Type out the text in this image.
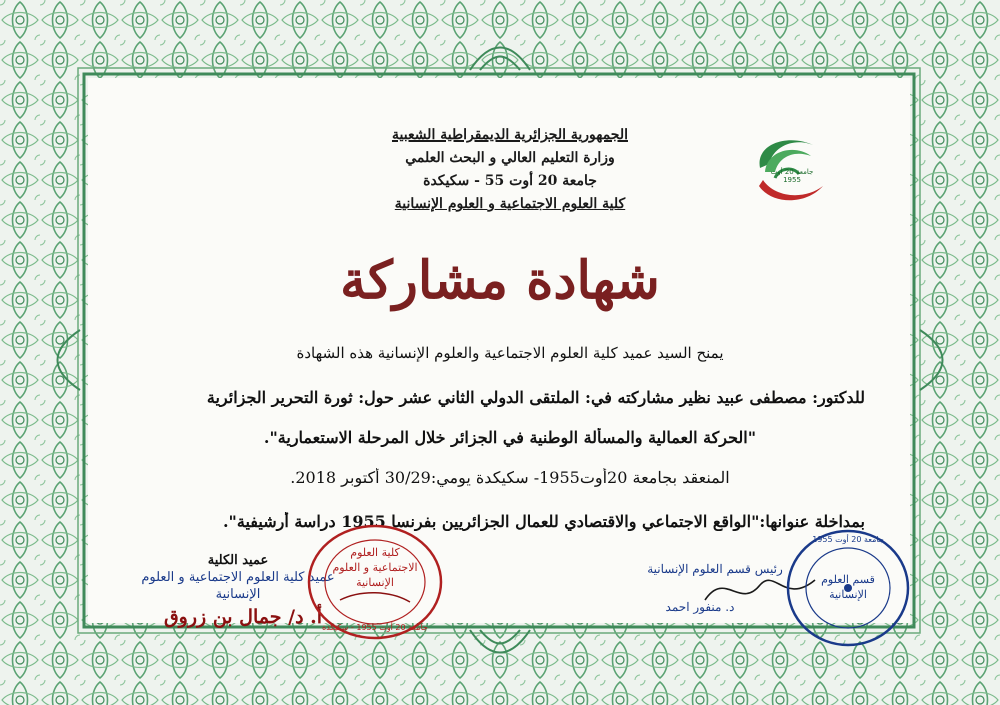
جامعة 20 أوت 1955
الجمهورية الجزائرية الديمقراطية الشعبية
وزارة التعليم العالي و البحث العلمي
جامعة 20 أوت 55 - سكيكدة
كلية العلوم الاجتماعية و العلوم الإنسانية
شهادة مشاركة
يمنح السيد عميد كلية العلوم الاجتماعية والعلوم الإنسانية هذه الشهادة
للدكتور: مصطفى عبيد نظير مشاركته في: الملتقى الدولي الثاني عشر حول: ثورة التحرير الجزائرية
"الحركة العمالية والمسألة الوطنية في الجزائر خلال المرحلة الاستعمارية".
المنعقد بجامعة 20أوت1955- سكيكدة يومي:30/29 أكتوبر 2018.
بمداخلة عنوانها:"الواقع الاجتماعي والاقتصادي للعمال الجزائريين بفرنسا 1955 دراسة أرشيفية".
عميد الكلية
عميد كلية العلوم الاجتماعية و العلوم
الإنسانية
أ. د/ جمال بن زروق
كلية العلوم
الاجتماعية و العلوم
الإنسانية
جامعة 20 أوت 1955 - سكيكدة
رئيس قسم العلوم الإنسانية
د. منفور احمد
قسم العلوم
الإنسانية
جامعة 20 أوت 1955
